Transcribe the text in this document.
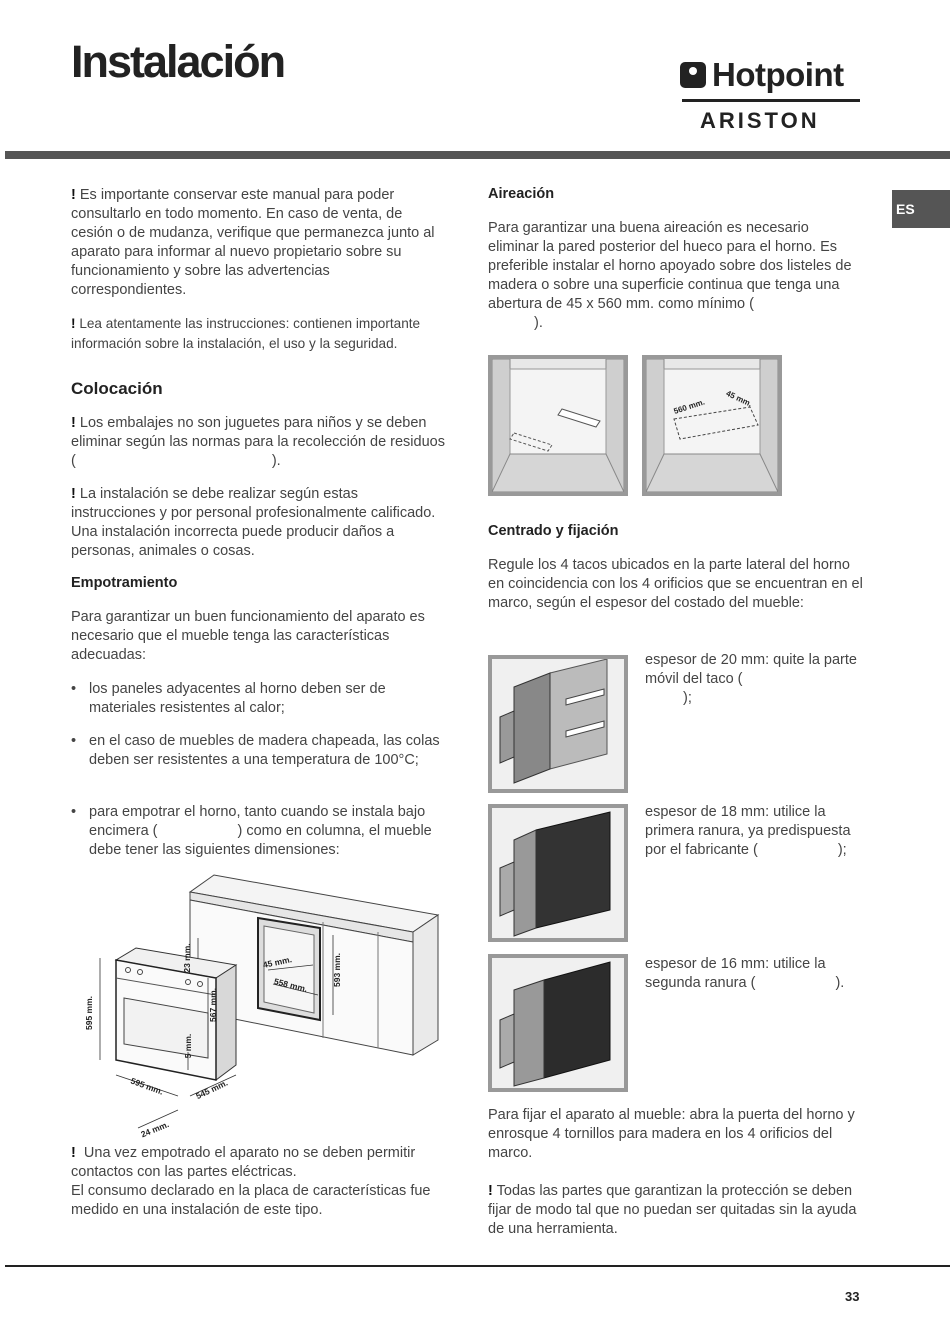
Instalación	Hotpoint
ARISTON
ES

! Es importante conservar este manual para poder consultarlo en todo momento. En caso de venta, de cesión o de mudanza, verifique que permanezca junto al aparato para informar al nuevo propietario sobre su funcionamiento y sobre las advertencias correspondientes.

! Lea atentamente las instrucciones: contienen importante información sobre la instalación, el uso y la seguridad.

Colocación

! Los embalajes no son juguetes para niños y se deben eliminar según las normas para la recolección de residuos (	).

! La instalación se debe realizar según estas instrucciones y por personal profesionalmente calificado. Una instalación incorrecta puede producir daños a personas, animales o cosas.

Empotramiento

Para garantizar un buen funcionamiento del aparato es necesario que el mueble tenga las características adecuadas:

• los paneles adyacentes al horno deben ser de materiales resistentes al calor;
• en el caso de muebles de madera chapeada, las colas deben ser resistentes a una temperatura de 100°C;
• para empotrar el horno, tanto cuando se instala bajo encimera (	) como en columna, el mueble debe tener las siguientes dimensiones:
595 mm.
23 mm.
567 mm.
5 mm.
595 mm.	545 mm.
24 mm.
45 mm.
558 mm.	593 mm.

! Una vez empotrado el aparato no se deben permitir contactos con las partes eléctricas.
El consumo declarado en la placa de características fue medido en una instalación de este tipo.

Aireación

Para garantizar una buena aireación es necesario eliminar la pared posterior del hueco para el horno. Es preferible instalar el horno apoyado sobre dos listeles de madera o sobre una superficie continua que tenga una abertura de 45 x 560 mm. como mínimo (
).

560 mm. 45 mm.
Centrado y fijación

Regule los 4 tacos ubicados en la parte lateral del horno en coincidencia con los 4 orificios que se encuentran en el marco, según el espesor del costado del mueble:

espesor de 20 mm: quite la parte móvil del taco (
);

espesor de 18 mm: utilice la primera ranura, ya predispuesta por el fabricante (	);

espesor de 16 mm: utilice la segunda ranura (	).

Para fijar el aparato al mueble: abra la puerta del horno y enrosque 4 tornillos para madera en los 4 orificios del marco.

! Todas las partes que garantizan la protección se deben fijar de modo tal que no puedan ser quitadas sin la ayuda de una herramienta.

33
